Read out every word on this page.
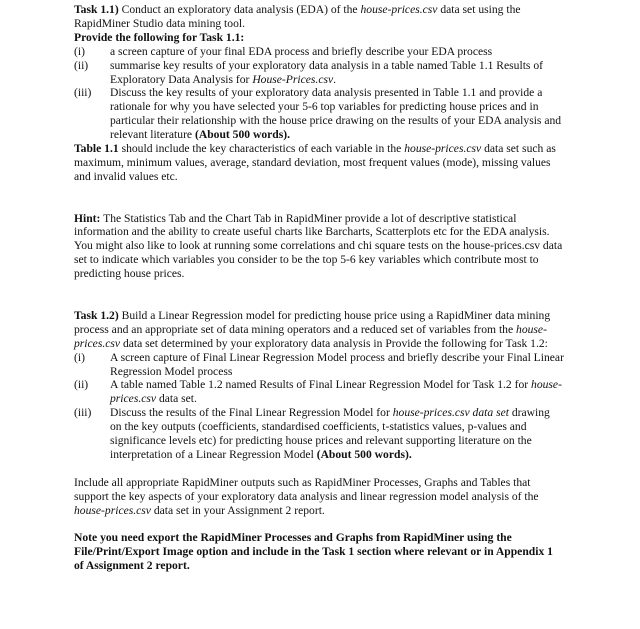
Task 1.1) Conduct an exploratory data analysis (EDA) of the house-prices.csv data set using the RapidMiner Studio data mining tool.

Provide the following for Task 1.1:

(i)	a screen capture of your final EDA process and briefly describe your EDA process
(ii)	summarise key results of your exploratory data analysis in a table named Table 1.1 Results of Exploratory Data Analysis for House-Prices.csv.
(iii)	Discuss the key results of your exploratory data analysis presented in Table 1.1 and provide a rationale for why you have selected your 5-6 top variables for predicting house prices and in particular their relationship with the house price drawing on the results of your EDA analysis and relevant literature (About 500 words).

Table 1.1 should include the key characteristics of each variable in the house-prices.csv data set such as maximum, minimum values, average, standard deviation, most frequent values (mode), missing values and invalid values etc.

Hint: The Statistics Tab and the Chart Tab in RapidMiner provide a lot of descriptive statistical information and the ability to create useful charts like Barcharts, Scatterplots etc for the EDA analysis. You might also like to look at running some correlations and chi square tests on the house-prices.csv data set to indicate which variables you consider to be the top 5-6 key variables which contribute most to predicting house prices.

Task 1.2) Build a Linear Regression model for predicting house price using a RapidMiner data mining process and an appropriate set of data mining operators and a reduced set of variables from the house-prices.csv data set determined by your exploratory data analysis in Provide the following for Task 1.2:

(i)	A screen capture of Final Linear Regression Model process and briefly describe your Final Linear Regression Model process
(ii)	A table named Table 1.2 named Results of Final Linear Regression Model for Task 1.2 for house-prices.csv data set.
(iii)	Discuss the results of the Final Linear Regression Model for house-prices.csv data set drawing on the key outputs (coefficients, standardised coefficients, t-statistics values, p-values and significance levels etc) for predicting house prices and relevant supporting literature on the interpretation of a Linear Regression Model (About 500 words).

Include all appropriate RapidMiner outputs such as RapidMiner Processes, Graphs and Tables that support the key aspects of your exploratory data analysis and linear regression model analysis of the house-prices.csv data set in your Assignment 2 report.

Note you need export the RapidMiner Processes and Graphs from RapidMiner using the File/Print/Export Image option and include in the Task 1 section where relevant or in Appendix 1 of Assignment 2 report.
